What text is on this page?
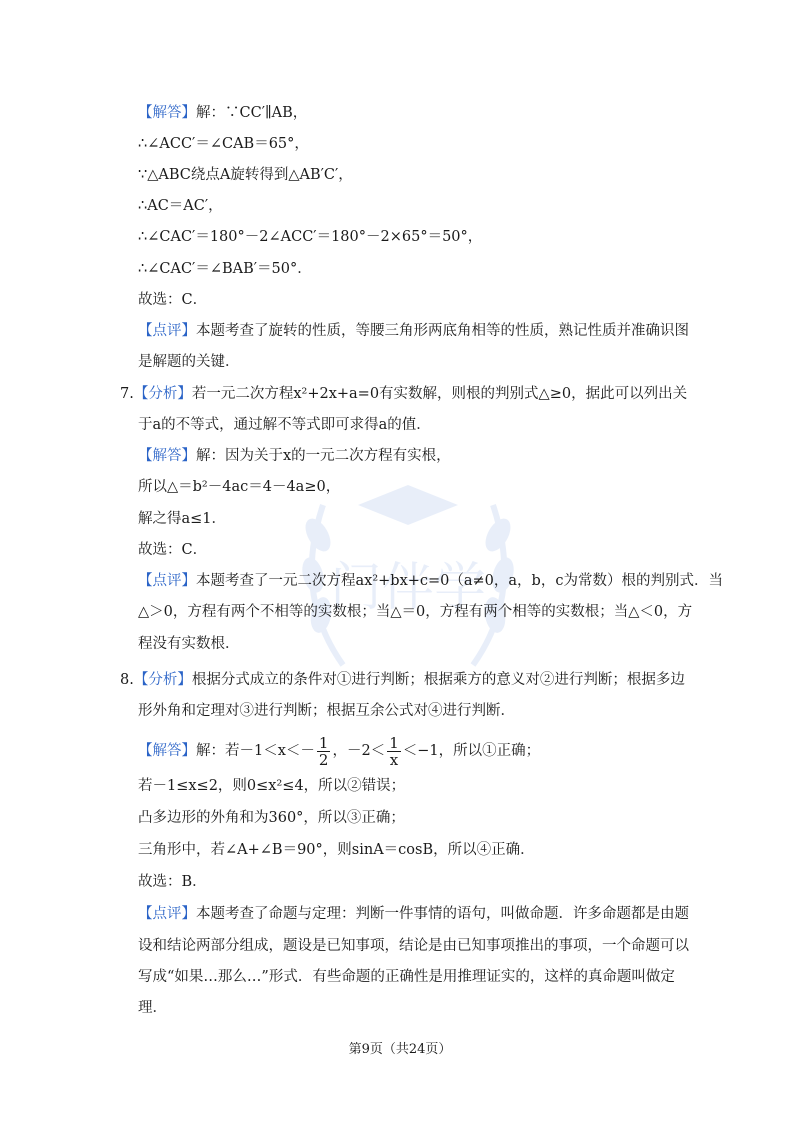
门伴学
【解答】解：∵CC′∥AB，
∴∠ACC′＝∠CAB＝65°，
∵△ABC绕点A旋转得到△AB′C′，
∴AC＝AC′，
∴∠CAC′＝180°－2∠ACC′＝180°－2×65°＝50°，
∴∠CAC′＝∠BAB′＝50°．
故选：C．
【点评】本题考查了旋转的性质，等腰三角形两底角相等的性质，熟记性质并准确识图
是解题的关键．
7.【分析】若一元二次方程x²+2x+a=0有实数解，则根的判别式△≥0，据此可以列出关
于a的不等式，通过解不等式即可求得a的值．
【解答】解：因为关于x的一元二次方程有实根，
所以△＝b²－4ac＝4－4a≥0，
解之得a≤1．
故选：C．
【点评】本题考查了一元二次方程ax²+bx+c=0（a≠0，a，b，c为常数）根的判别式．当
△＞0，方程有两个不相等的实数根；当△＝0，方程有两个相等的实数根；当△＜0，方
程没有实数根．
8.【分析】根据分式成立的条件对①进行判断；根据乘方的意义对②进行判断；根据多边
形外角和定理对③进行判断；根据互余公式对④进行判断．
【解答】解：若$-1<x<- \frac{1}{2}$ ，$-2< \frac{1}{x} <-1$，所以①正确；
若－1≤x≤2，则0≤x²≤4，所以②错误；
凸多边形的外角和为360°，所以③正确；
三角形中，若∠A+∠B＝90°，则sinA＝cosB，所以④正确．
故选：B．
【点评】本题考查了命题与定理：判断一件事情的语句，叫做命题．许多命题都是由题
设和结论两部分组成，题设是已知事项，结论是由已知事项推出的事项，一个命题可以
写成“如果…那么…”形式．有些命题的正确性是用推理证实的，这样的真命题叫做定
理．
第9页（共24页）
